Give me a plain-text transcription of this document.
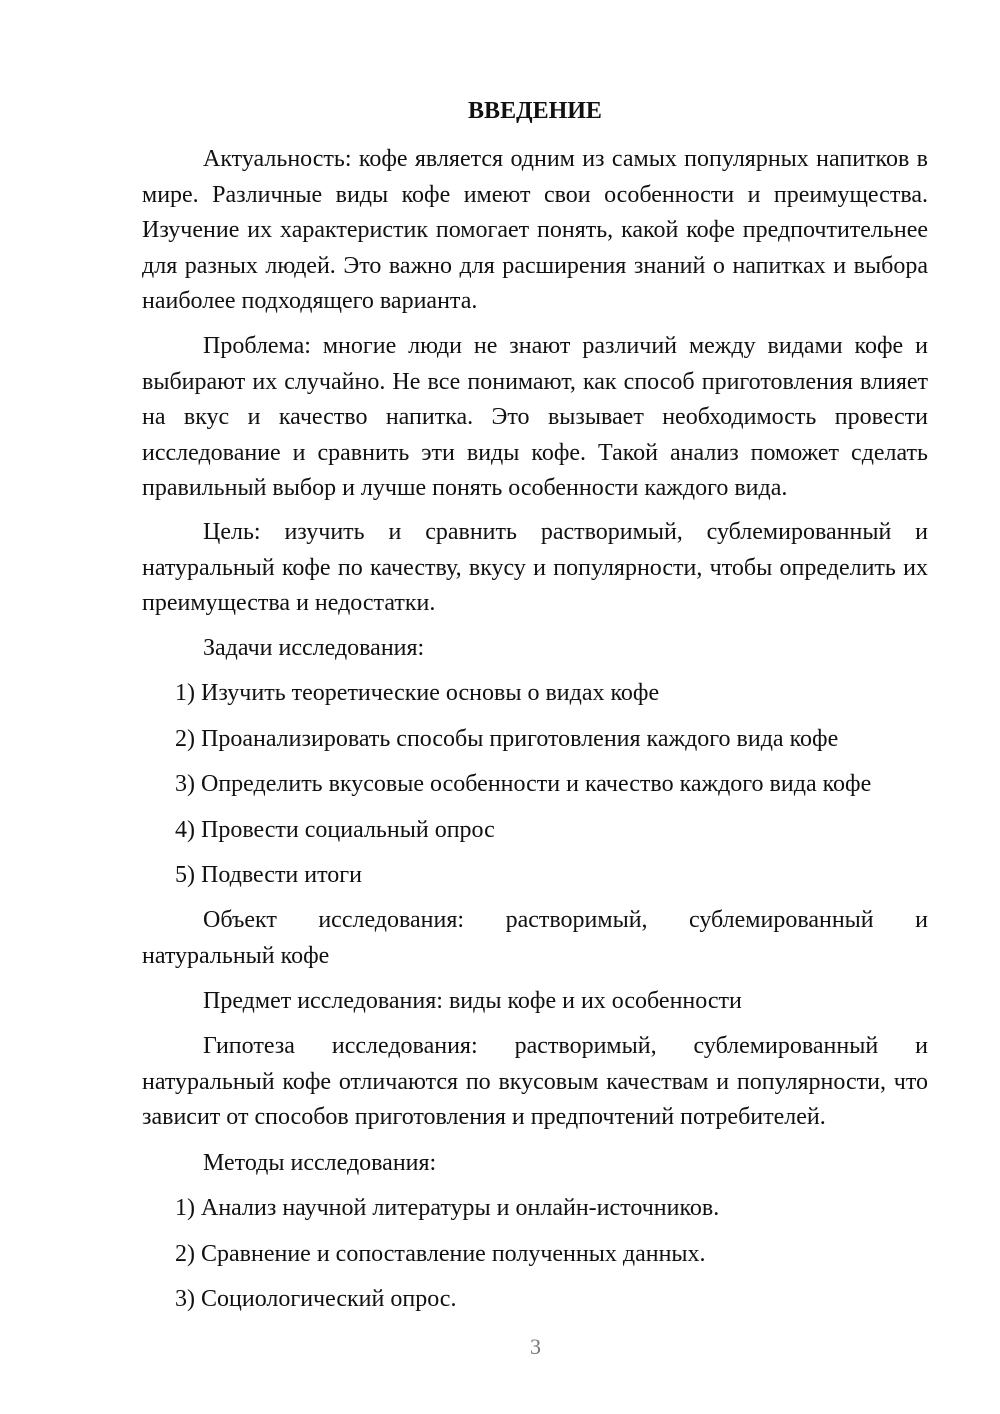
ВВЕДЕНИЕ

Актуальность: кофе является одним из самых популярных напитков в мире. Различные виды кофе имеют свои особенности и преимущества. Изучение их характеристик помогает понять, какой кофе предпочтительнее для разных людей. Это важно для расширения знаний о напитках и выбора наиболее подходящего варианта.

Проблема: многие люди не знают различий между видами кофе и выбирают их случайно. Не все понимают, как способ приготовления влияет на вкус и качество напитка. Это вызывает необходимость провести исследование и сравнить эти виды кофе. Такой анализ поможет сделать правильный выбор и лучше понять особенности каждого вида.

Цель: изучить и сравнить растворимый, сублемированный и натуральный кофе по качеству, вкусу и популярности, чтобы определить их преимущества и недостатки.

Задачи исследования:
1) Изучить теоретические основы о видах кофе
2) Проанализировать способы приготовления каждого вида кофе
3) Определить вкусовые особенности и качество каждого вида кофе
4) Провести социальный опрос
5) Подвести итоги
Объект исследования: растворимый, сублемированный и
натуральный кофе
Предмет исследования: виды кофе и их особенности

Гипотеза исследования: растворимый, сублемированный и натуральный кофе отличаются по вкусовым качествам и популярности, что зависит от способов приготовления и предпочтений потребителей.

Методы исследования:
1) Анализ научной литературы и онлайн-источников.
2) Сравнение и сопоставление полученных данных.
3) Социологический опрос.
3
